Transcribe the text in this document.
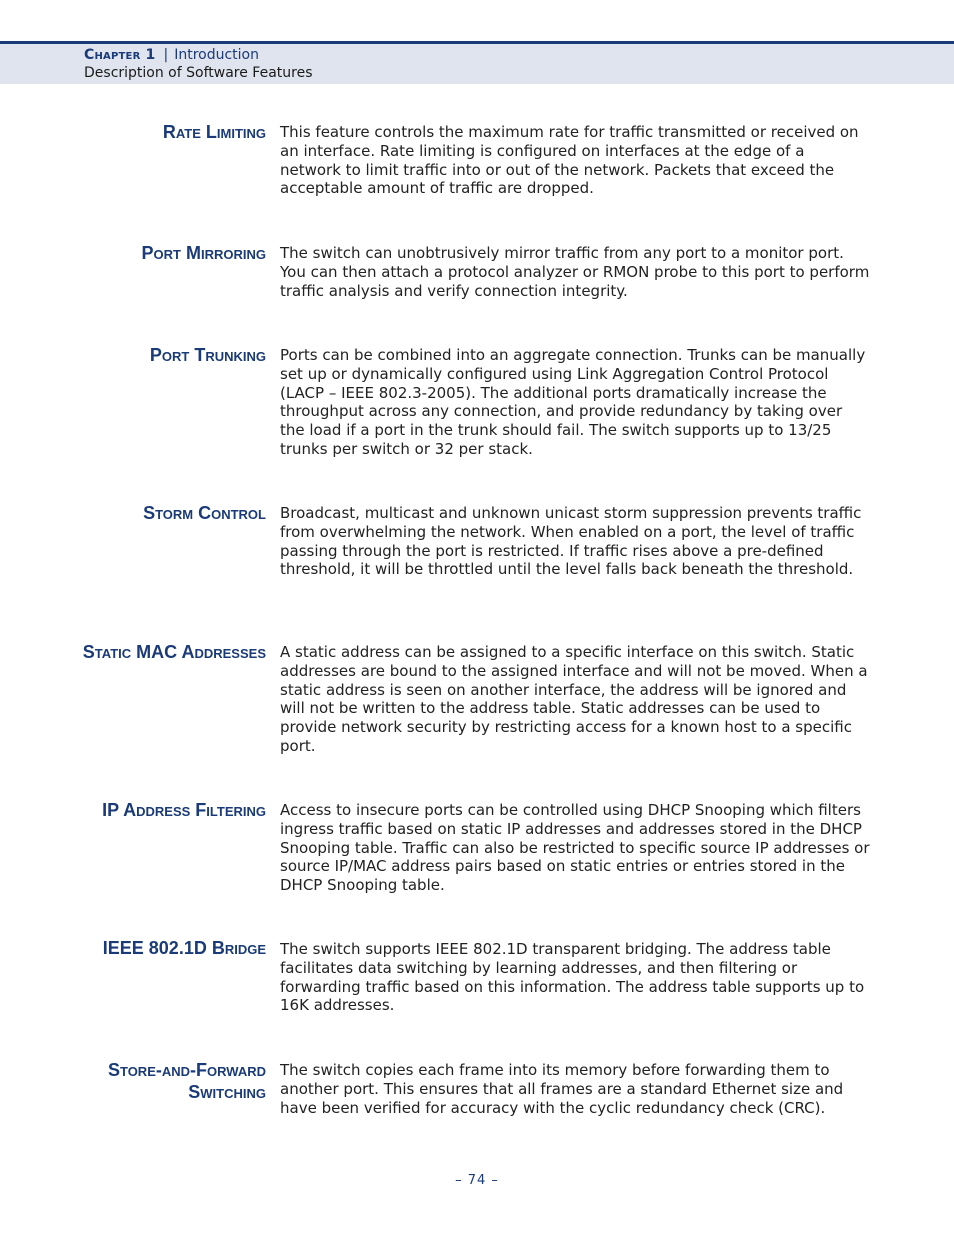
Chapter 1 | Introduction
Description of Software Features
Rate Limiting This feature controls the maximum rate for traffic transmitted or received on an interface. Rate limiting is configured on interfaces at the edge of a network to limit traffic into or out of the network. Packets that exceed the acceptable amount of traffic are dropped.
Port Mirroring The switch can unobtrusively mirror traffic from any port to a monitor port. You can then attach a protocol analyzer or RMON probe to this port to perform traffic analysis and verify connection integrity.
Port Trunking Ports can be combined into an aggregate connection. Trunks can be manually set up or dynamically configured using Link Aggregation Control Protocol (LACP – IEEE 802.3-2005). The additional ports dramatically increase the throughput across any connection, and provide redundancy by taking over the load if a port in the trunk should fail. The switch supports up to 13/25 trunks per switch or 32 per stack.
Storm Control Broadcast, multicast and unknown unicast storm suppression prevents traffic from overwhelming the network. When enabled on a port, the level of traffic passing through the port is restricted. If traffic rises above a pre-defined threshold, it will be throttled until the level falls back beneath the threshold.
Static MAC Addresses A static address can be assigned to a specific interface on this switch. Static addresses are bound to the assigned interface and will not be moved. When a static address is seen on another interface, the address will be ignored and will not be written to the address table. Static addresses can be used to provide network security by restricting access for a known host to a specific port.
IP Address Filtering Access to insecure ports can be controlled using DHCP Snooping which filters ingress traffic based on static IP addresses and addresses stored in the DHCP Snooping table. Traffic can also be restricted to specific source IP addresses or source IP/MAC address pairs based on static entries or entries stored in the DHCP Snooping table.
IEEE 802.1D Bridge The switch supports IEEE 802.1D transparent bridging. The address table facilitates data switching by learning addresses, and then filtering or forwarding traffic based on this information. The address table supports up to 16K addresses.
Store-and-Forward Switching
The switch copies each frame into its memory before forwarding them to another port. This ensures that all frames are a standard Ethernet size and have been verified for accuracy with the cyclic redundancy check (CRC).
– 74 –
